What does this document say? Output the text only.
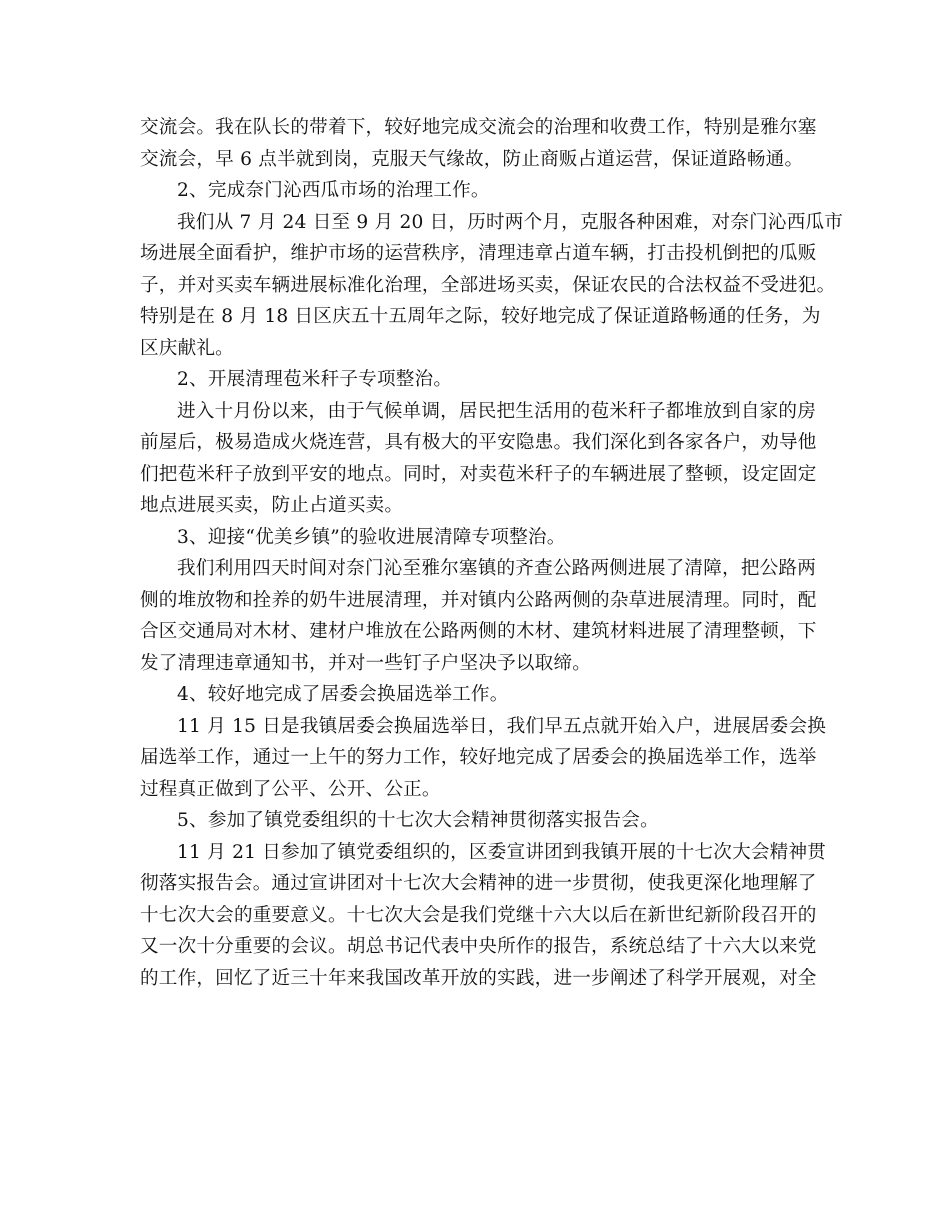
交流会。我在队长的带着下，较好地完成交流会的治理和收费工作，特别是雅尔塞
交流会，早 6 点半就到岗，克服天气缘故，防止商贩占道运营，保证道路畅通。
2、完成奈门沁西瓜市场的治理工作。
我们从 7 月 24 日至 9 月 20 日，历时两个月，克服各种困难，对奈门沁西瓜市
场进展全面看护，维护市场的运营秩序，清理违章占道车辆，打击投机倒把的瓜贩
子，并对买卖车辆进展标准化治理，全部进场买卖，保证农民的合法权益不受进犯。
特别是在 8 月 18 日区庆五十五周年之际，较好地完成了保证道路畅通的任务，为
区庆献礼。
2、开展清理苞米秆子专项整治。
进入十月份以来，由于气候单调，居民把生活用的苞米秆子都堆放到自家的房
前屋后，极易造成火烧连营，具有极大的平安隐患。我们深化到各家各户，劝导他
们把苞米秆子放到平安的地点。同时，对卖苞米秆子的车辆进展了整顿，设定固定
地点进展买卖，防止占道买卖。
3、迎接“优美乡镇”的验收进展清障专项整治。
我们利用四天时间对奈门沁至雅尔塞镇的齐查公路两侧进展了清障，把公路两
侧的堆放物和拴养的奶牛进展清理，并对镇内公路两侧的杂草进展清理。同时，配
合区交通局对木材、建材户堆放在公路两侧的木材、建筑材料进展了清理整顿，下
发了清理违章通知书，并对一些钉子户坚决予以取缔。
4、较好地完成了居委会换届选举工作。
11 月 15 日是我镇居委会换届选举日，我们早五点就开始入户，进展居委会换
届选举工作，通过一上午的努力工作，较好地完成了居委会的换届选举工作，选举
过程真正做到了公平、公开、公正。
5、参加了镇党委组织的十七次大会精神贯彻落实报告会。
11 月 21 日参加了镇党委组织的，区委宣讲团到我镇开展的十七次大会精神贯
彻落实报告会。通过宣讲团对十七次大会精神的进一步贯彻，使我更深化地理解了
十七次大会的重要意义。十七次大会是我们党继十六大以后在新世纪新阶段召开的
又一次十分重要的会议。胡总书记代表中央所作的报告，系统总结了十六大以来党
的工作，回忆了近三十年来我国改革开放的实践，进一步阐述了科学开展观，对全
